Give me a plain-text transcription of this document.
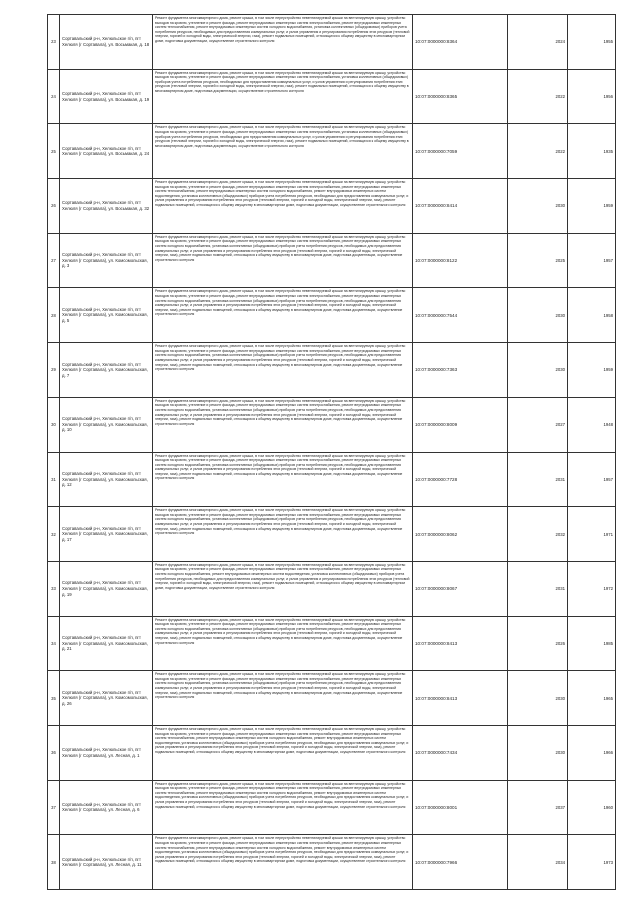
23	Сортавальский р-н, Хелюльское г/п, пгт Хелюля (г Сортавала), ул. Восьмакая, д. 18	Ремонт фундамента многоквартирного дома, ремонт крыши, в том числе переустройство невентилируемой крыши на вентилируемую крышу, устройство выходов на кровлю, утепление и ремонт фасада, ремонт внутридомовых инженерных систем электроснабжения, ремонт внутридомовых инженерных систем теплоснабжения, ремонт внутридомовых инженерных систем холодного водоснабжения, установка коллективных (общедомовых) приборов учета потребления ресурсов, необходимых для предоставления коммунальных услуг, и узлов управления и регулирования потребления этих ресурсов (тепловой энергии, горячей и холодной воды, электрической энергии, газа), ремонт подвальных помещений, относящихся к общему имуществу в многоквартирном доме, подготовка документации, осуществление строительного контроля	10:07:0000000:8364	2024	1955
24	Сортавальский р-н, Хелюльское г/п, пгт Хелюля (г Сортавала), ул. Восьмакая, д. 19	Ремонт фундамента многоквартирного дома, ремонт крыши, в том числе переустройство невентилируемой крыши на вентилируемую крышу, устройство выходов на кровлю, утепление и ремонт фасада, ремонт внутридомовых инженерных систем электроснабжения, установка коллективных (общедомовых) приборов учета потребления ресурсов, необходимых для предоставления коммунальных услуг, и узлов управления и регулирования потребления этих ресурсов (тепловой энергии, горячей и холодной воды, электрической энергии, газа), ремонт подвальных помещений, относящихся к общему имуществу в многоквартирном доме, подготовка документации, осуществление строительного контроля	10:07:0000000:8365	2022	1956
25	Сортавальский р-н, Хелюльское г/п, пгт Хелюля (г Сортавала), ул. Восьмакая, д. 24	Ремонт фундамента многоквартирного дома, ремонт крыши, в том числе переустройство невентилируемой крыши на вентилируемую крышу, устройство выходов на кровлю, утепление и ремонт фасада, ремонт внутридомовых инженерных систем электроснабжения, установка коллективных (общедомовых) приборов учета потребления ресурсов, необходимых для предоставления коммунальных услуг, и узлов управления и регулирования потребления этих ресурсов (тепловой энергии, горячей и холодной воды, электрической энергии, газа), ремонт подвальных помещений, относящихся к общему имуществу в многоквартирном доме, подготовка документации, осуществление строительного контроля	10:07:0000000:7059	2022	1935
26	Сортавальский р-н, Хелюльское г/п, пгт Хелюля (г Сортавала), ул. Восьмакая, д. 32	Ремонт фундамента многоквартирного дома, ремонт крыши, в том числе переустройство невентилируемой крыши на вентилируемую крышу, устройство выходов на кровлю, утепление и ремонт фасада, ремонт внутридомовых инженерных систем электроснабжения, ремонт внутридомовых инженерных систем теплоснабжения, ремонт внутридомовых инженерных систем холодного водоснабжения, ремонт внутридомовых инженерных систем водоотведения, установка коллективных (общедомовых) приборов учета потребления ресурсов, необходимых для предоставления коммунальных услуг, и узлов управления и регулирования потребления этих ресурсов (тепловой энергии, горячей и холодной воды, электрической энергии, газа), ремонт подвальных помещений, относящихся к общему имуществу в многоквартирном доме, подготовка документации, осуществление строительного контроля	10:07:0000000:8414	2030	1959
27	Сортавальский р-н, Хелюльское г/п, пгт Хелюля (г Сортавала), ул. Комсомольская, д. 3	Ремонт фундамента многоквартирного дома, ремонт крыши, в том числе переустройство невентилируемой крыши на вентилируемую крышу, устройство выходов на кровлю, утепление и ремонт фасада, ремонт внутридомовых инженерных систем электроснабжения, ремонт внутридомовых инженерных систем холодного водоснабжения, установка коллективных (общедомовых) приборов учета потребления ресурсов, необходимых для предоставления коммунальных услуг, и узлов управления и регулирования потребления этих ресурсов (тепловой энергии, горячей и холодной воды, электрической энергии, газа), ремонт подвальных помещений, относящихся к общему имуществу в многоквартирном доме, подготовка документации, осуществление строительного контроля	10:07:0000000:8122	2025	1957
28	Сортавальский р-н, Хелюльское г/п, пгт Хелюля (г Сортавала), ул. Комсомольская, д. 5	Ремонт фундамента многоквартирного дома, ремонт крыши, в том числе переустройство невентилируемой крыши на вентилируемую крышу, устройство выходов на кровлю, утепление и ремонт фасада, ремонт внутридомовых инженерных систем электроснабжения, ремонт внутридомовых инженерных систем холодного водоснабжения, установка коллективных (общедомовых) приборов учета потребления ресурсов, необходимых для предоставления коммунальных услуг, и узлов управления и регулирования потребления этих ресурсов (тепловой энергии, горячей и холодной воды, электрической энергии, газа), ремонт подвальных помещений, относящихся к общему имуществу в многоквартирном доме, подготовка документации, осуществление строительного контроля	10:07:0000000:7544	2030	1958
29	Сортавальский р-н, Хелюльское г/п, пгт Хелюля (г Сортавала), ул. Комсомольская, д. 7	Ремонт фундамента многоквартирного дома, ремонт крыши, в том числе переустройство невентилируемой крыши на вентилируемую крышу, устройство выходов на кровлю, утепление и ремонт фасада, ремонт внутридомовых инженерных систем электроснабжения, ремонт внутридомовых инженерных систем холодного водоснабжения, установка коллективных (общедомовых) приборов учета потребления ресурсов, необходимых для предоставления коммунальных услуг, и узлов управления и регулирования потребления этих ресурсов (тепловой энергии, горячей и холодной воды, электрической энергии, газа), ремонт подвальных помещений, относящихся к общему имуществу в многоквартирном доме, подготовка документации, осуществление строительного контроля	10:07:0000000:7363	2030	1959
30	Сортавальский р-н, Хелюльское г/п, пгт Хелюля (г Сортавала), ул. Комсомольская, д. 10	Ремонт фундамента многоквартирного дома, ремонт крыши, в том числе переустройство невентилируемой крыши на вентилируемую крышу, устройство выходов на кровлю, утепление и ремонт фасада, ремонт внутридомовых инженерных систем электроснабжения, ремонт внутридомовых инженерных систем холодного водоснабжения, установка коллективных (общедомовых) приборов учета потребления ресурсов, необходимых для предоставления коммунальных услуг, и узлов управления и регулирования потребления этих ресурсов (тепловой энергии, горячей и холодной воды, электрической энергии, газа), ремонт подвальных помещений, относящихся к общему имуществу в многоквартирном доме, подготовка документации, осуществление строительного контроля	10:07:0000000:8009	2027	1948
31	Сортавальский р-н, Хелюльское г/п, пгт Хелюля (г Сортавала), ул. Комсомольская, д. 12	Ремонт фундамента многоквартирного дома, ремонт крыши, в том числе переустройство невентилируемой крыши на вентилируемую крышу, устройство выходов на кровлю, утепление и ремонт фасада, ремонт внутридомовых инженерных систем электроснабжения, ремонт внутридомовых инженерных систем холодного водоснабжения, установка коллективных (общедомовых) приборов учета потребления ресурсов, необходимых для предоставления коммунальных услуг, и узлов управления и регулирования потребления этих ресурсов (тепловой энергии, горячей и холодной воды, электрической энергии, газа), ремонт подвальных помещений, относящихся к общему имуществу в многоквартирном доме, подготовка документации, осуществление строительного контроля	10:07:0000000:7728	2031	1957
32	Сортавальский р-н, Хелюльское г/п, пгт Хелюля (г Сортавала), ул. Комсомольская, д. 17	Ремонт фундамента многоквартирного дома, ремонт крыши, в том числе переустройство невентилируемой крыши на вентилируемую крышу, устройство выходов на кровлю, утепление и ремонт фасада, ремонт внутридомовых инженерных систем электроснабжения, ремонт внутридомовых инженерных систем холодного водоснабжения, установка коллективных (общедомовых) приборов учета потребления ресурсов, необходимых для предоставления коммунальных услуг, и узлов управления и регулирования потребления этих ресурсов (тепловой энергии, горячей и холодной воды, электрической энергии, газа), ремонт подвальных помещений, относящихся к общему имуществу в многоквартирном доме, подготовка документации, осуществление строительного контроля	10:07:0000000:8062	2032	1971
33	Сортавальский р-н, Хелюльское г/п, пгт Хелюля (г Сортавала), ул. Комсомольская, д. 19	Ремонт фундамента многоквартирного дома, ремонт крыши, в том числе переустройство невентилируемой крыши на вентилируемую крышу, устройство выходов на кровлю, утепление и ремонт фасада, ремонт внутридомовых инженерных систем электроснабжения, ремонт внутридомовых инженерных систем холодного водоснабжения, ремонт внутридомовых инженерных систем водоотведения, установка коллективных (общедомовых) приборов учета потребления ресурсов, необходимых для предоставления коммунальных услуг, и узлов управления и регулирования потребления этих ресурсов (тепловой энергии, горячей и холодной воды, электрической энергии, газа), ремонт подвальных помещений, относящихся к общему имуществу в многоквартирном доме, подготовка документации, осуществление строительного контроля	10:07:0000000:8067	2031	1972
34	Сортавальский р-н, Хелюльское г/п, пгт Хелюля (г Сортавала), ул. Комсомольская, д. 21	Ремонт фундамента многоквартирного дома, ремонт крыши, в том числе переустройство невентилируемой крыши на вентилируемую крышу, устройство выходов на кровлю, утепление и ремонт фасада, ремонт внутридомовых инженерных систем электроснабжения, ремонт внутридомовых инженерных систем холодного водоснабжения, установка коллективных (общедомовых) приборов учета потребления ресурсов, необходимых для предоставления коммунальных услуг, и узлов управления и регулирования потребления этих ресурсов (тепловой энергии, горячей и холодной воды, электрической энергии, газа), ремонт подвальных помещений, относящихся к общему имуществу в многоквартирном доме, подготовка документации, осуществление строительного контроля	10:07:0000000:8413	2026	1985
35	Сортавальский р-н, Хелюльское г/п, пгт Хелюля (г Сортавала), ул. Комсомольская, д. 26	Ремонт фундамента многоквартирного дома, ремонт крыши, в том числе переустройство невентилируемой крыши на вентилируемую крышу, устройство выходов на кровлю, утепление и ремонт фасада, ремонт внутридомовых инженерных систем электроснабжения, ремонт внутридомовых инженерных систем холодного водоснабжения, установка коллективных (общедомовых) приборов учета потребления ресурсов, необходимых для предоставления коммунальных услуг, и узлов управления и регулирования потребления этих ресурсов (тепловой энергии, горячей и холодной воды, электрической энергии, газа), ремонт подвальных помещений, относящихся к общему имуществу в многоквартирном доме, подготовка документации, осуществление строительного контроля	10:07:0000000:8413	2030	1965
36	Сортавальский р-н, Хелюльское г/п, пгт Хелюля (г Сортавала), ул. Лесная, д. 1	Ремонт фундамента многоквартирного дома, ремонт крыши, в том числе переустройство невентилируемой крыши на вентилируемую крышу, устройство выходов на кровлю, утепление и ремонт фасада, ремонт внутридомовых инженерных систем электроснабжения, ремонт внутридомовых инженерных систем теплоснабжения, ремонт внутридомовых инженерных систем холодного водоснабжения, ремонт внутридомовых инженерных систем водоотведения, установка коллективных (общедомовых) приборов учета потребления ресурсов, необходимых для предоставления коммунальных услуг, и узлов управления и регулирования потребления этих ресурсов (тепловой энергии, горячей и холодной воды, электрической энергии, газа), ремонт подвальных помещений, относящихся к общему имуществу в многоквартирном доме, подготовка документации, осуществление строительного контроля	10:07:0000000:7434	2030	1966
37	Сортавальский р-н, Хелюльское г/п, пгт Хелюля (г Сортавала), ул. Лесная, д. 6	Ремонт фундамента многоквартирного дома, ремонт крыши, в том числе переустройство невентилируемой крыши на вентилируемую крышу, устройство выходов на кровлю, утепление и ремонт фасада, ремонт внутридомовых инженерных систем электроснабжения, ремонт внутридомовых инженерных систем теплоснабжения, ремонт внутридомовых инженерных систем холодного водоснабжения, ремонт внутридомовых инженерных систем водоотведения, установка коллективных (общедомовых) приборов учета потребления ресурсов, необходимых для предоставления коммунальных услуг, и узлов управления и регулирования потребления этих ресурсов (тепловой энергии, горячей и холодной воды, электрической энергии, газа), ремонт подвальных помещений, относящихся к общему имуществу в многоквартирном доме, подготовка документации, осуществление строительного контроля	10:07:0000000:8001	2037	1960
38	Сортавальский р-н, Хелюльское г/п, пгт Хелюля (г Сортавала), ул. Лесная, д. 11	Ремонт фундамента многоквартирного дома, ремонт крыши, в том числе переустройство невентилируемой крыши на вентилируемую крышу, устройство выходов на кровлю, утепление и ремонт фасада, ремонт внутридомовых инженерных систем электроснабжения, ремонт внутридомовых инженерных систем теплоснабжения, ремонт внутридомовых инженерных систем холодного водоснабжения, ремонт внутридомовых инженерных систем водоотведения, установка коллективных (общедомовых) приборов учета потребления ресурсов, необходимых для предоставления коммунальных услуг, и узлов управления и регулирования потребления этих ресурсов (тепловой энергии, горячей и холодной воды, электрической энергии, газа), ремонт подвальных помещений, относящихся к общему имуществу в многоквартирном доме, подготовка документации, осуществление строительного контроля	10:07:0000000:7966	2034	1973
